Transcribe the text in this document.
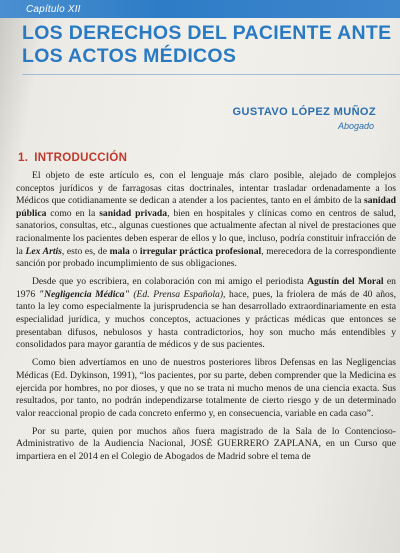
Capítulo XII
LOS DERECHOS DEL PACIENTE ANTE LOS ACTOS MÉDICOS
GUSTAVO LÓPEZ MUÑOZ
Abogado
1. INTRODUCCIÓN

El objeto de este artículo es, con el lenguaje más claro posible, alejado de complejos conceptos jurídicos y de farragosas citas doctrinales, intentar trasladar ordenadamente a los Médicos que cotidianamente se dedican a atender a los pacientes, tanto en el ámbito de la sanidad pública como en la sanidad privada, bien en hospitales y clínicas como en centros de salud, sanatorios, consultas, etc., algunas cuestiones que actualmente afectan al nivel de prestaciones que racionalmente los pacientes deben esperar de ellos y lo que, incluso, podría constituir infracción de la Lex Artis, esto es, de mala o irregular práctica profesional, merecedora de la correspondiente sanción por probado incumplimiento de sus obligaciones.

Desde que yo escribiera, en colaboración con mi amigo el periodista Agustín del Moral en 1976 "Negligencia Médica" (Ed. Prensa Española), hace, pues, la friolera de más de 40 años, tanto la ley como especialmente la jurisprudencia se han desarrollado extraordinariamente en esta especialidad jurídica, y muchos conceptos, actuaciones y prácticas médicas que entonces se presentaban difusos, nebulosos y hasta contradictorios, hoy son mucho más entendibles y consolidados para mayor garantía de médicos y de sus pacientes.

Como bien advertíamos en uno de nuestros posteriores libros Defensas en las Negligencias Médicas (Ed. Dykinson, 1991), “los pacientes, por su parte, deben comprender que la Medicina es ejercida por hombres, no por dioses, y que no se trata ni mucho menos de una ciencia exacta. Sus resultados, por tanto, no podrán independizarse totalmente de cierto riesgo y de un determinado valor reaccional propio de cada concreto enfermo y, en consecuencia, variable en cada caso”.

Por su parte, quien por muchos años fuera magistrado de la Sala de lo Contencioso-Administrativo de la Audiencia Nacional, JOSÉ GUERRERO ZAPLANA, en un Curso que impartiera en el 2014 en el Colegio de Abogados de Madrid sobre el tema de
